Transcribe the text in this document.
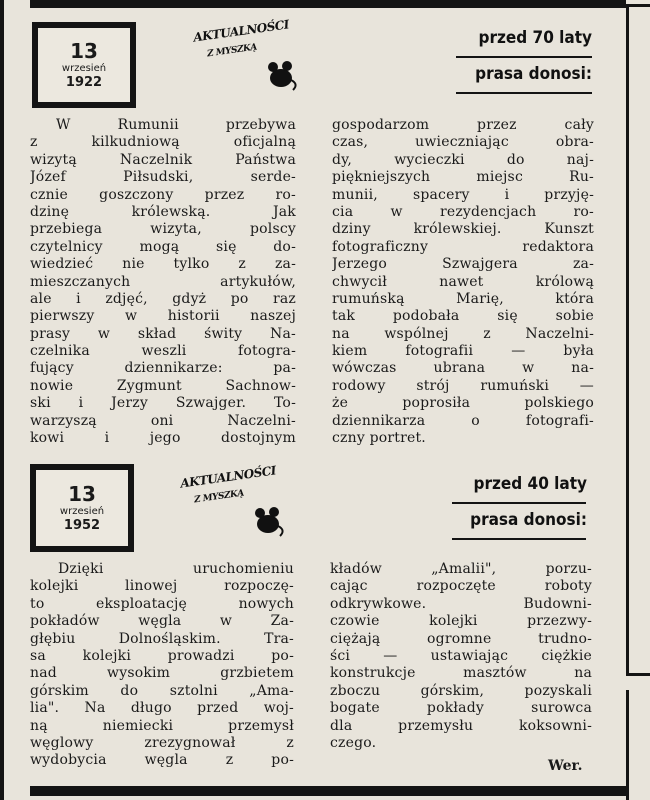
13
wrzesień
1922
AKTUALNOŚCI
Z MYSZKĄ
przed 70 laty
prasa donosi:
W Rumunii przebywa
z kilkudniową oficjalną
wizytą Naczelnik Państwa
Józef Piłsudski, serde-
cznie goszczony przez ro-
dzinę królewską. Jak
przebiega wizyta, polscy
czytelnicy mogą się do-
wiedzieć nie tylko z za-
mieszczanych artykułów,
ale i zdjęć, gdyż po raz
pierwszy w historii naszej
prasy w skład świty Na-
czelnika weszli fotogra-
fujący dziennikarze: pa-
nowie Zygmunt Sachnow-
ski i Jerzy Szwajger. To-
warzyszą oni Naczelni-
kowi i jego dostojnym
gospodarzom przez cały
czas, uwieczniając obra-
dy, wycieczki do naj-
piękniejszych miejsc Ru-
munii, spacery i przyję-
cia w rezydencjach ro-
dziny królewskiej. Kunszt
fotograficzny redaktora
Jerzego Szwajgera za-
chwycił nawet królową
rumuńską Marię, która
tak podobała się sobie
na wspólnej z Naczelni-
kiem fotografii — była
wówczas ubrana w na-
rodowy strój rumuński —
że poprosiła polskiego
dziennikarza o fotografi-
czny portret.
13
wrzesień
1952
AKTUALNOŚCI
Z MYSZKĄ
przed 40 laty
prasa donosi:
Dzięki uruchomieniu
kolejki linowej rozpoczę-
to eksploatację nowych
pokładów węgla w Za-
głębiu Dolnośląskim. Tra-
sa kolejki prowadzi po-
nad wysokim grzbietem
górskim do sztolni „Ama-
lia". Na długo przed woj-
ną niemiecki przemysł
węglowy zrezygnował z
wydobycia węgla z po-
kładów „Amalii", porzu-
cając rozpoczęte roboty
odkrywkowe. Budowni-
czowie kolejki przezwy-
ciężają ogromne trudno-
ści — ustawiając ciężkie
konstrukcje masztów na
zboczu górskim, pozyskali
bogate pokłady surowca
dla przemysłu koksowni-
czego.
Wer.
